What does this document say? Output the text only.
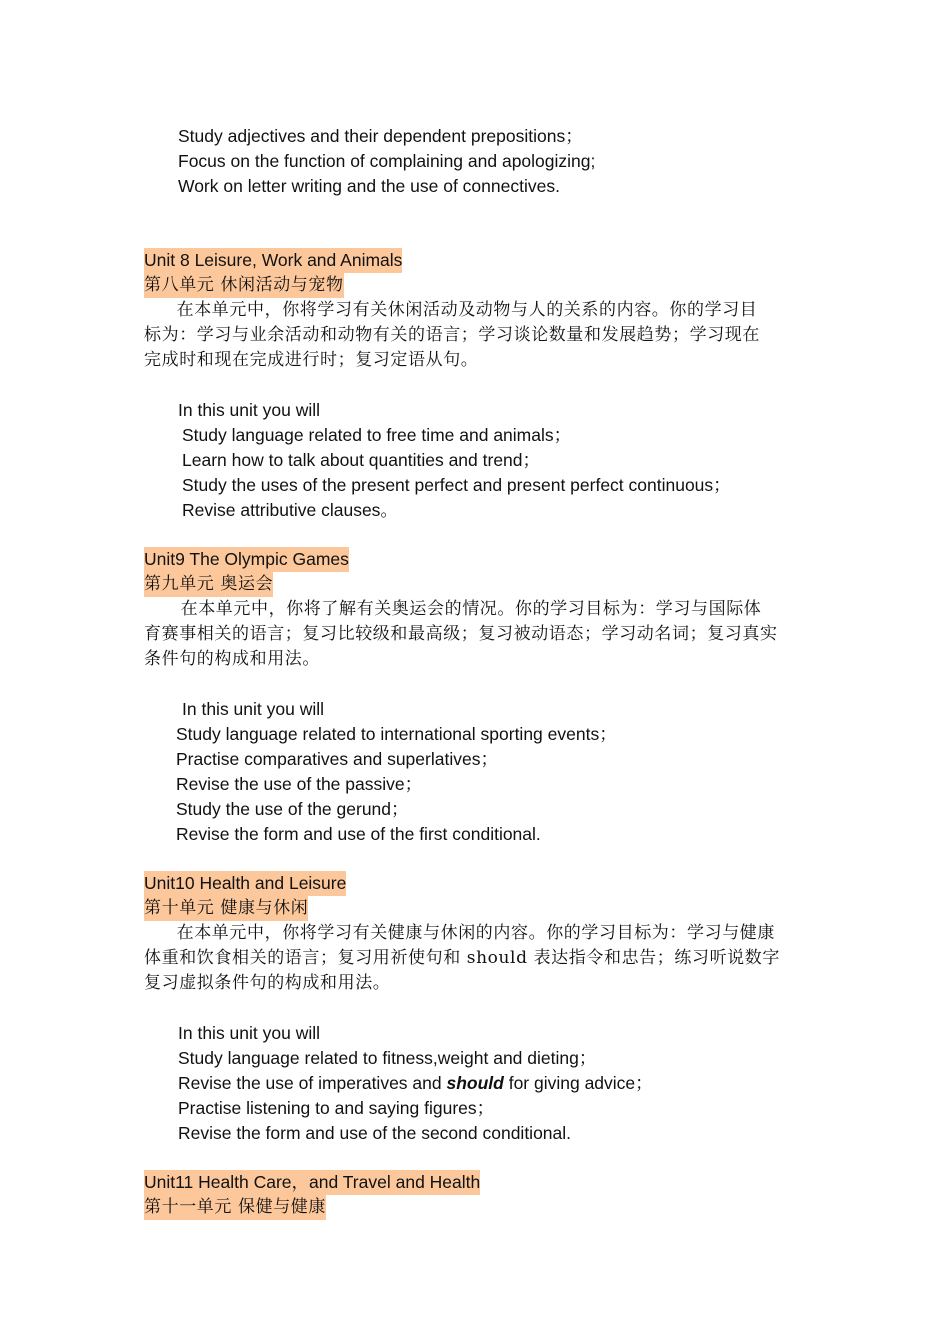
Study adjectives and their dependent prepositions；
Focus on the function of complaining and apologizing;
Work on letter writing and the use of connectives.
Unit 8 Leisure, Work and Animals
第八单元 休闲活动与宠物
　在本单元中，你将学习有关休闲活动及动物与人的关系的内容。你的学习目
标为：学习与业余活动和动物有关的语言；学习谈论数量和发展趋势；学习现在
完成时和现在完成进行时；复习定语从句。
In this unit you will
Study language related to free time and animals；
Learn how to talk about quantities and trend；
Study the uses of the present perfect and present perfect continuous；
Revise attributive clauses。
Unit9 The Olympic Games
第九单元 奥运会
　在本单元中，你将了解有关奥运会的情况。你的学习目标为：学习与国际体
育赛事相关的语言；复习比较级和最高级；复习被动语态；学习动名词；复习真实
条件句的构成和用法。
In this unit you will
Study language related to international sporting events；
Practise comparatives and superlatives；
Revise the use of the passive；
Study the use of the gerund；
Revise the form and use of the first conditional.
Unit10 Health and Leisure
第十单元 健康与休闲
　在本单元中，你将学习有关健康与休闲的内容。你的学习目标为：学习与健康
体重和饮食相关的语言；复习用祈使句和 should 表达指令和忠告；练习听说数字
复习虚拟条件句的构成和用法。
In this unit you will
Study language related to fitness,weight and dieting；
Revise the use of imperatives and should for giving advice；
Practise listening to and saying figures；
Revise the form and use of the second conditional.
Unit11 Health Care，and Travel and Health
第十一单元 保健与健康
